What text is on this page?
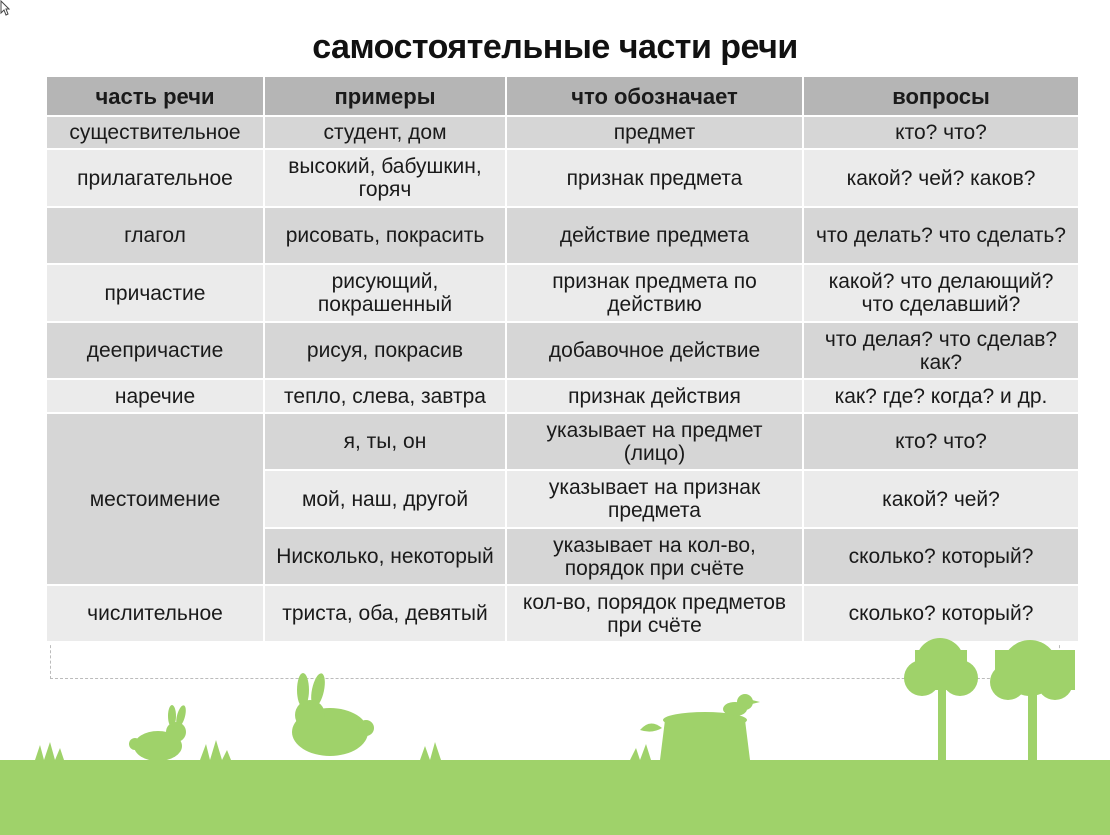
самостоятельные части речи
часть речи	примеры	что обозначает	вопросы
существительное	студент, дом	предмет	кто? что?
прилагательное	высокий, бабушкин, горяч	признак предмета	какой? чей? каков?
глагол	рисовать, покрасить	действие предмета	что делать? что сделать?
причастие	рисующий, покрашенный	признак предмета по действию	какой? что делающий? что сделавший?
деепричастие	рисуя, покрасив	добавочное действие	что делая? что сделав? как?
наречие	тепло, слева, завтра	признак действия	как? где? когда? и др.
местоимение	я, ты, он	указывает на предмет (лицо)	кто? что?
	мой, наш, другой	указывает на признак предмета	какой? чей?
	Нисколько, некоторый	указывает на кол-во, порядок при счёте	сколько? который?
числительное	триста, оба, девятый	кол-во, порядок предметов при счёте	сколько? который?
